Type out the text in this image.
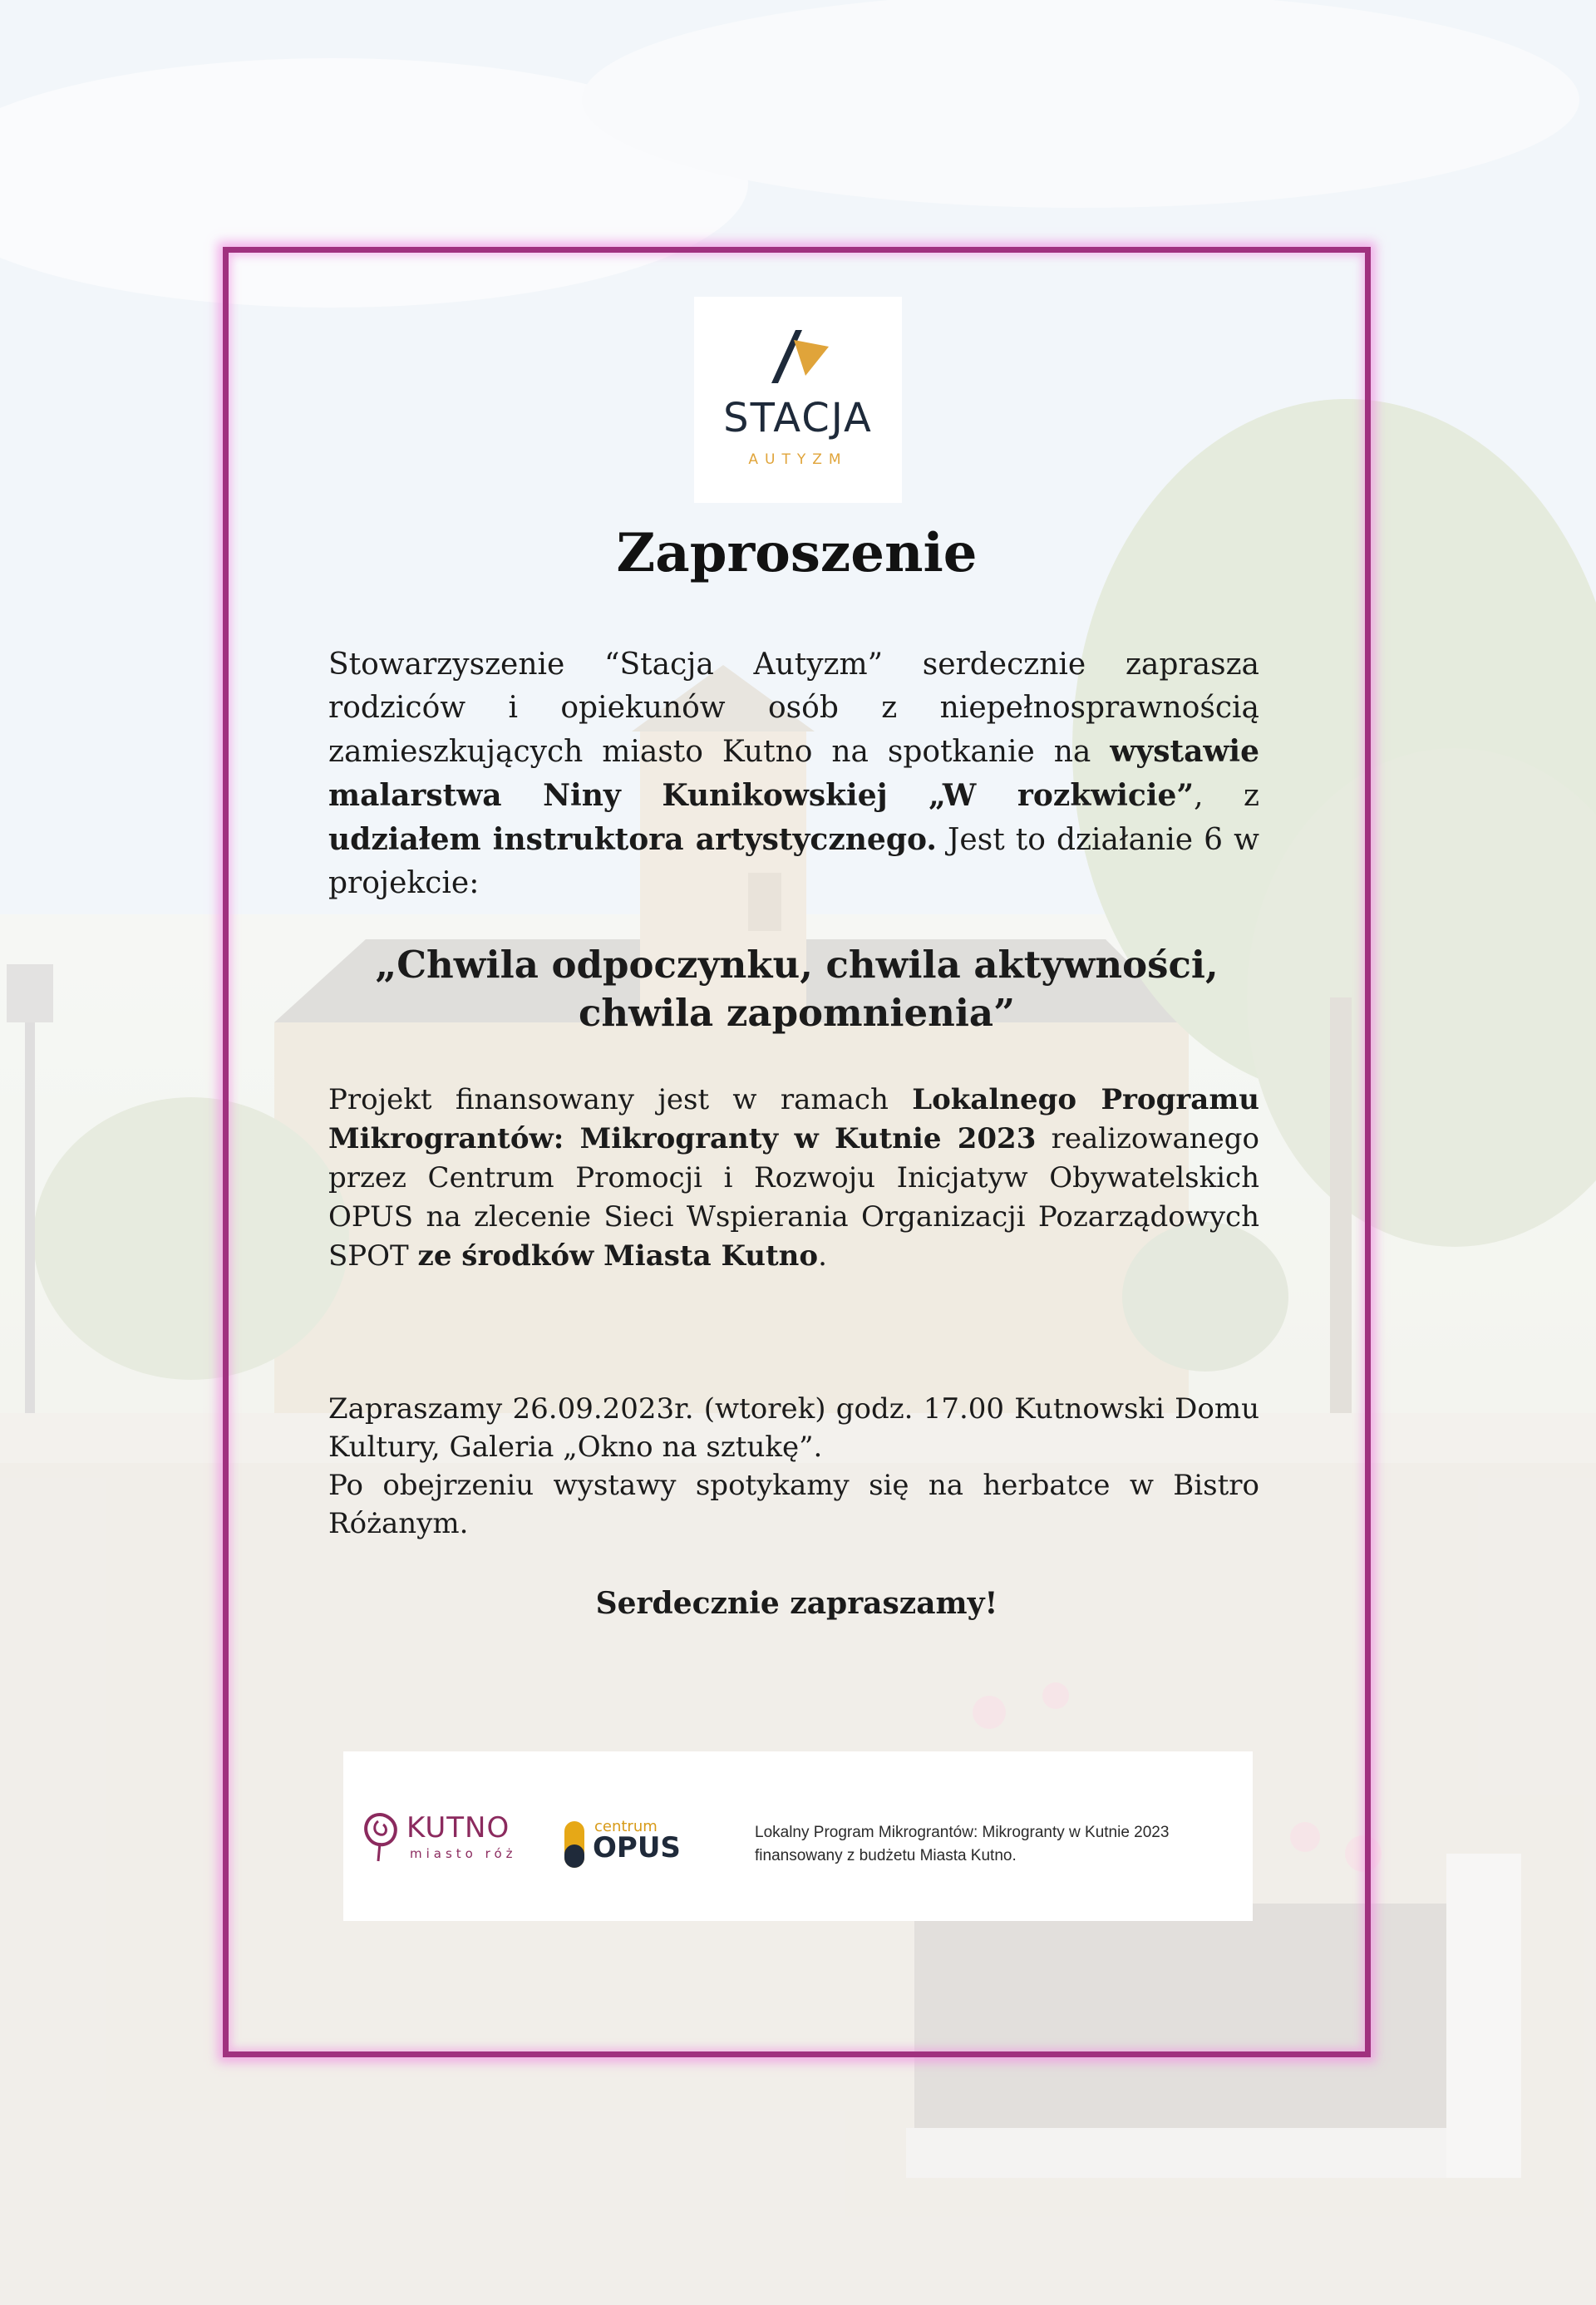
STACJA
AUTYZM
Zaproszenie

Stowarzyszenie “Stacja Autyzm” serdecznie zaprasza rodziców i opiekunów osób z niepełnosprawnością zamieszkujących miasto Kutno na spotkanie na wystawie malarstwa Niny Kunikowskiej „W rozkwicie”, z udziałem instruktora artystycznego. Jest to działanie 6 w projekcie:

„Chwila odpoczynku, chwila aktywności,
chwila zapomnienia”

Projekt finansowany jest w ramach Lokalnego Programu Mikrograntów: Mikrogranty w Kutnie 2023 realizowanego przez Centrum Promocji i Rozwoju Inicjatyw Obywatelskich OPUS na zlecenie Sieci Wspierania Organizacji Pozarządowych SPOT ze środków Miasta Kutno.

Zapraszamy 26.09.2023r. (wtorek) godz. 17.00 Kutnowski Domu Kultury, Galeria „Okno na sztukę”.

Po obejrzeniu wystawy spotykamy się na herbatce w Bistro Różanym.

Serdecznie zapraszamy!
KUTNO
miasto róż
centrum
OPUS	Lokalny Program Mikrograntów: Mikrogranty w Kutnie 2023
finansowany z budżetu Miasta Kutno.
